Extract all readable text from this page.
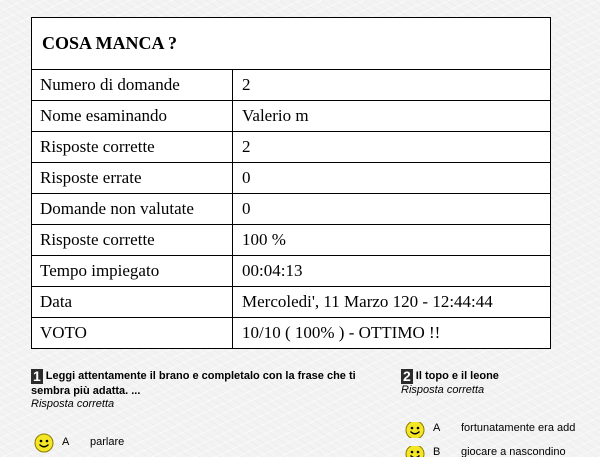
COSA MANCA ?	
Numero di domande	2
Nome esaminando	Valerio m
Risposte corrette	2
Risposte errate	0
Domande non valutate	0
Risposte corrette	100 %
Tempo impiegato	00:04:13
Data	Mercoledi', 11 Marzo 120 - 12:44:44
VOTO	10/10 ( 100% ) - OTTIMO !!
1 Leggi attentamente il brano e completalo con la frase che ti sembra più adatta. ...
Risposta corretta
A parlare
2 Il topo e il leone
Risposta corretta
A fortunatamente era add
B giocare a nascondino
